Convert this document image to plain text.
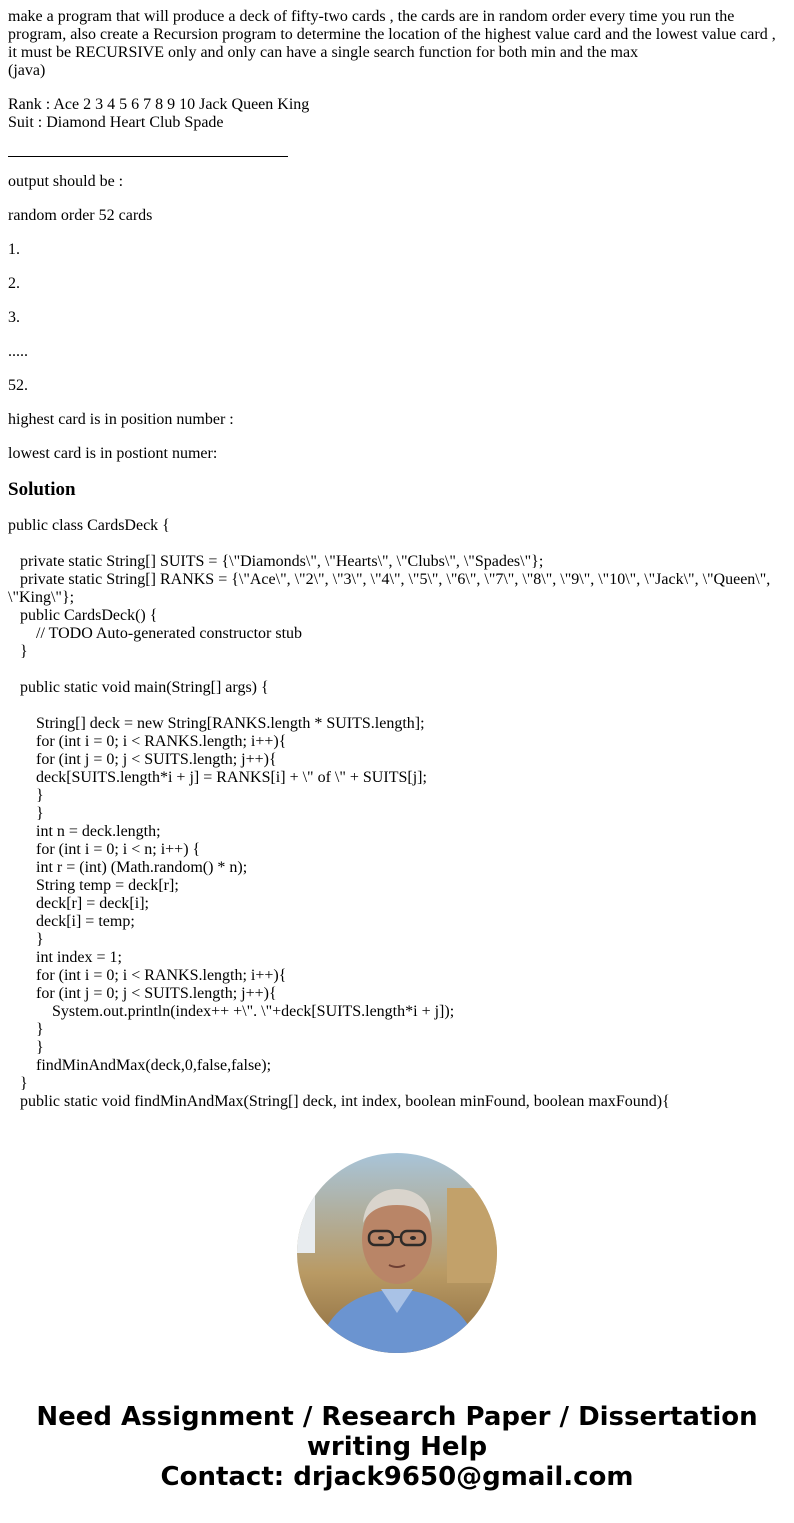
make a program that will produce a deck of fifty-two cards , the cards are in random order every time you run the program, also create a Recursion program to determine the location of the highest value card and the lowest value card , it must be RECURSIVE only and only can have a single search function for both min and the max

(java)

Rank : Ace 2 3 4 5 6 7 8 9 10 Jack Queen King

Suit : Diamond Heart Club Spade

output should be :

random order 52 cards

1.

2.

3.

.....

52.

highest card is in position number :

lowest card is in postiont numer:

Solution
public class CardsDeck {
private static String[] SUITS = {\"Diamonds\", \"Hearts\", \"Clubs\", \"Spades\"};
private static String[] RANKS = {\"Ace\", \"2\", \"3\", \"4\", \"5\", \"6\", \"7\", \"8\", \"9\", \"10\", \"Jack\", \"Queen\", \"King\"};
public CardsDeck() {
// TODO Auto-generated constructor stub
}
public static void main(String[] args) {
String[] deck = new String[RANKS.length * SUITS.length];
for (int i = 0; i < RANKS.length; i++){
for (int j = 0; j < SUITS.length; j++){
deck[SUITS.length*i + j] = RANKS[i] + \" of \" + SUITS[j];
}
}
int n = deck.length;
for (int i = 0; i < n; i++) {
int r = (int) (Math.random() * n);
String temp = deck[r];
deck[r] = deck[i];
deck[i] = temp;
}
int index = 1;
for (int i = 0; i < RANKS.length; i++){
for (int j = 0; j < SUITS.length; j++){
System.out.println(index++ +\". \"+deck[SUITS.length*i + j]);
}
}
findMinAndMax(deck,0,false,false);
}
public static void findMinAndMax(String[] deck, int index, boolean minFound, boolean maxFound){
Need Assignment / Research Paper / Dissertation
writing Help
Contact: drjack9650@gmail.com
